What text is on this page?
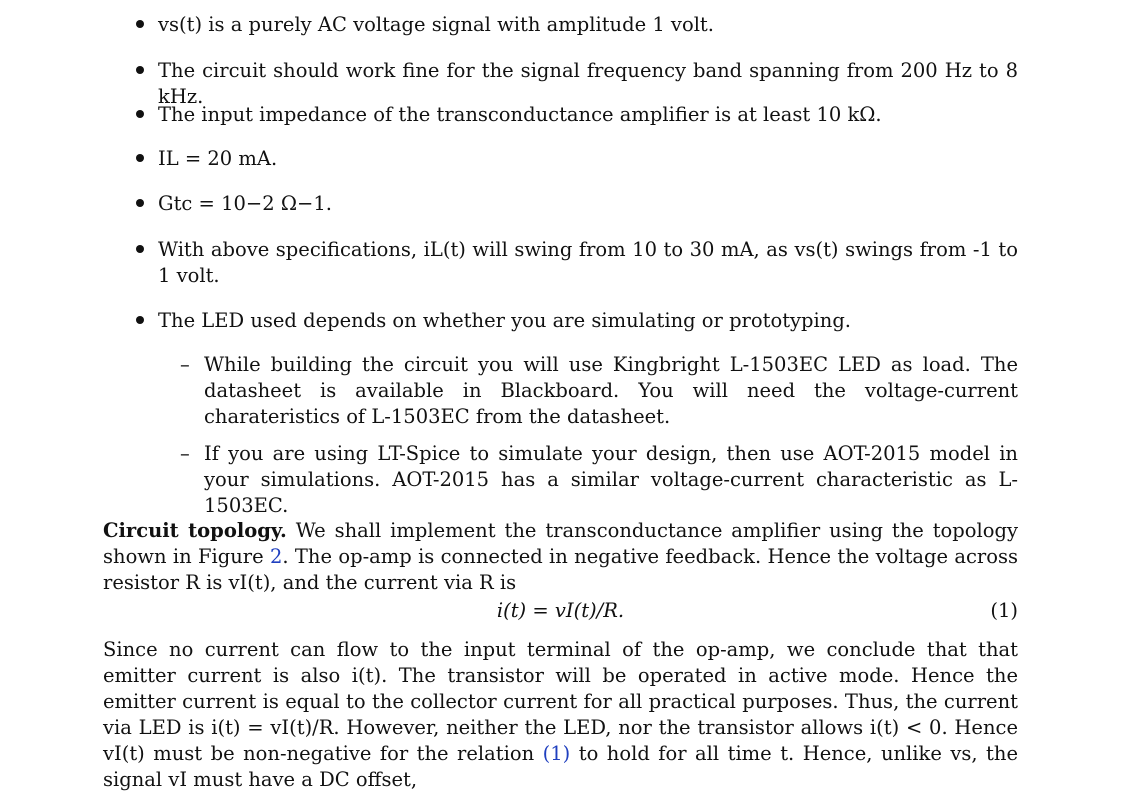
vs(t) is a purely AC voltage signal with amplitude 1 volt.
The circuit should work fine for the signal frequency band spanning from 200 Hz to 8 kHz.
The input impedance of the transconductance amplifier is at least 10 kΩ.
IL = 20 mA.
Gtc = 10−2 Ω−1.
With above specifications, iL(t) will swing from 10 to 30 mA, as vs(t) swings from -1 to 1 volt.
The LED used depends on whether you are simulating or prototyping.
– While building the circuit you will use Kingbright L-1503EC LED as load. The datasheet is available in Blackboard. You will need the voltage-current charateristics of L-1503EC from the datasheet.
– If you are using LT-Spice to simulate your design, then use AOT-2015 model in your simulations. AOT-2015 has a similar voltage-current characteristic as L-1503EC.
Circuit topology. We shall implement the transconductance amplifier using the topology shown in Figure 2. The op-amp is connected in negative feedback. Hence the voltage across resistor R is vI(t), and the current via R is
i(t) = vI(t)/R.	(1)
Since no current can flow to the input terminal of the op-amp, we conclude that that emitter current is also i(t). The transistor will be operated in active mode. Hence the emitter current is equal to the collector current for all practical purposes. Thus, the current via LED is i(t) = vI(t)/R. However, neither the LED, nor the transistor allows i(t) < 0. Hence vI(t) must be non-negative for the relation (1) to hold for all time t. Hence, unlike vs, the signal vI must have a DC offset,
